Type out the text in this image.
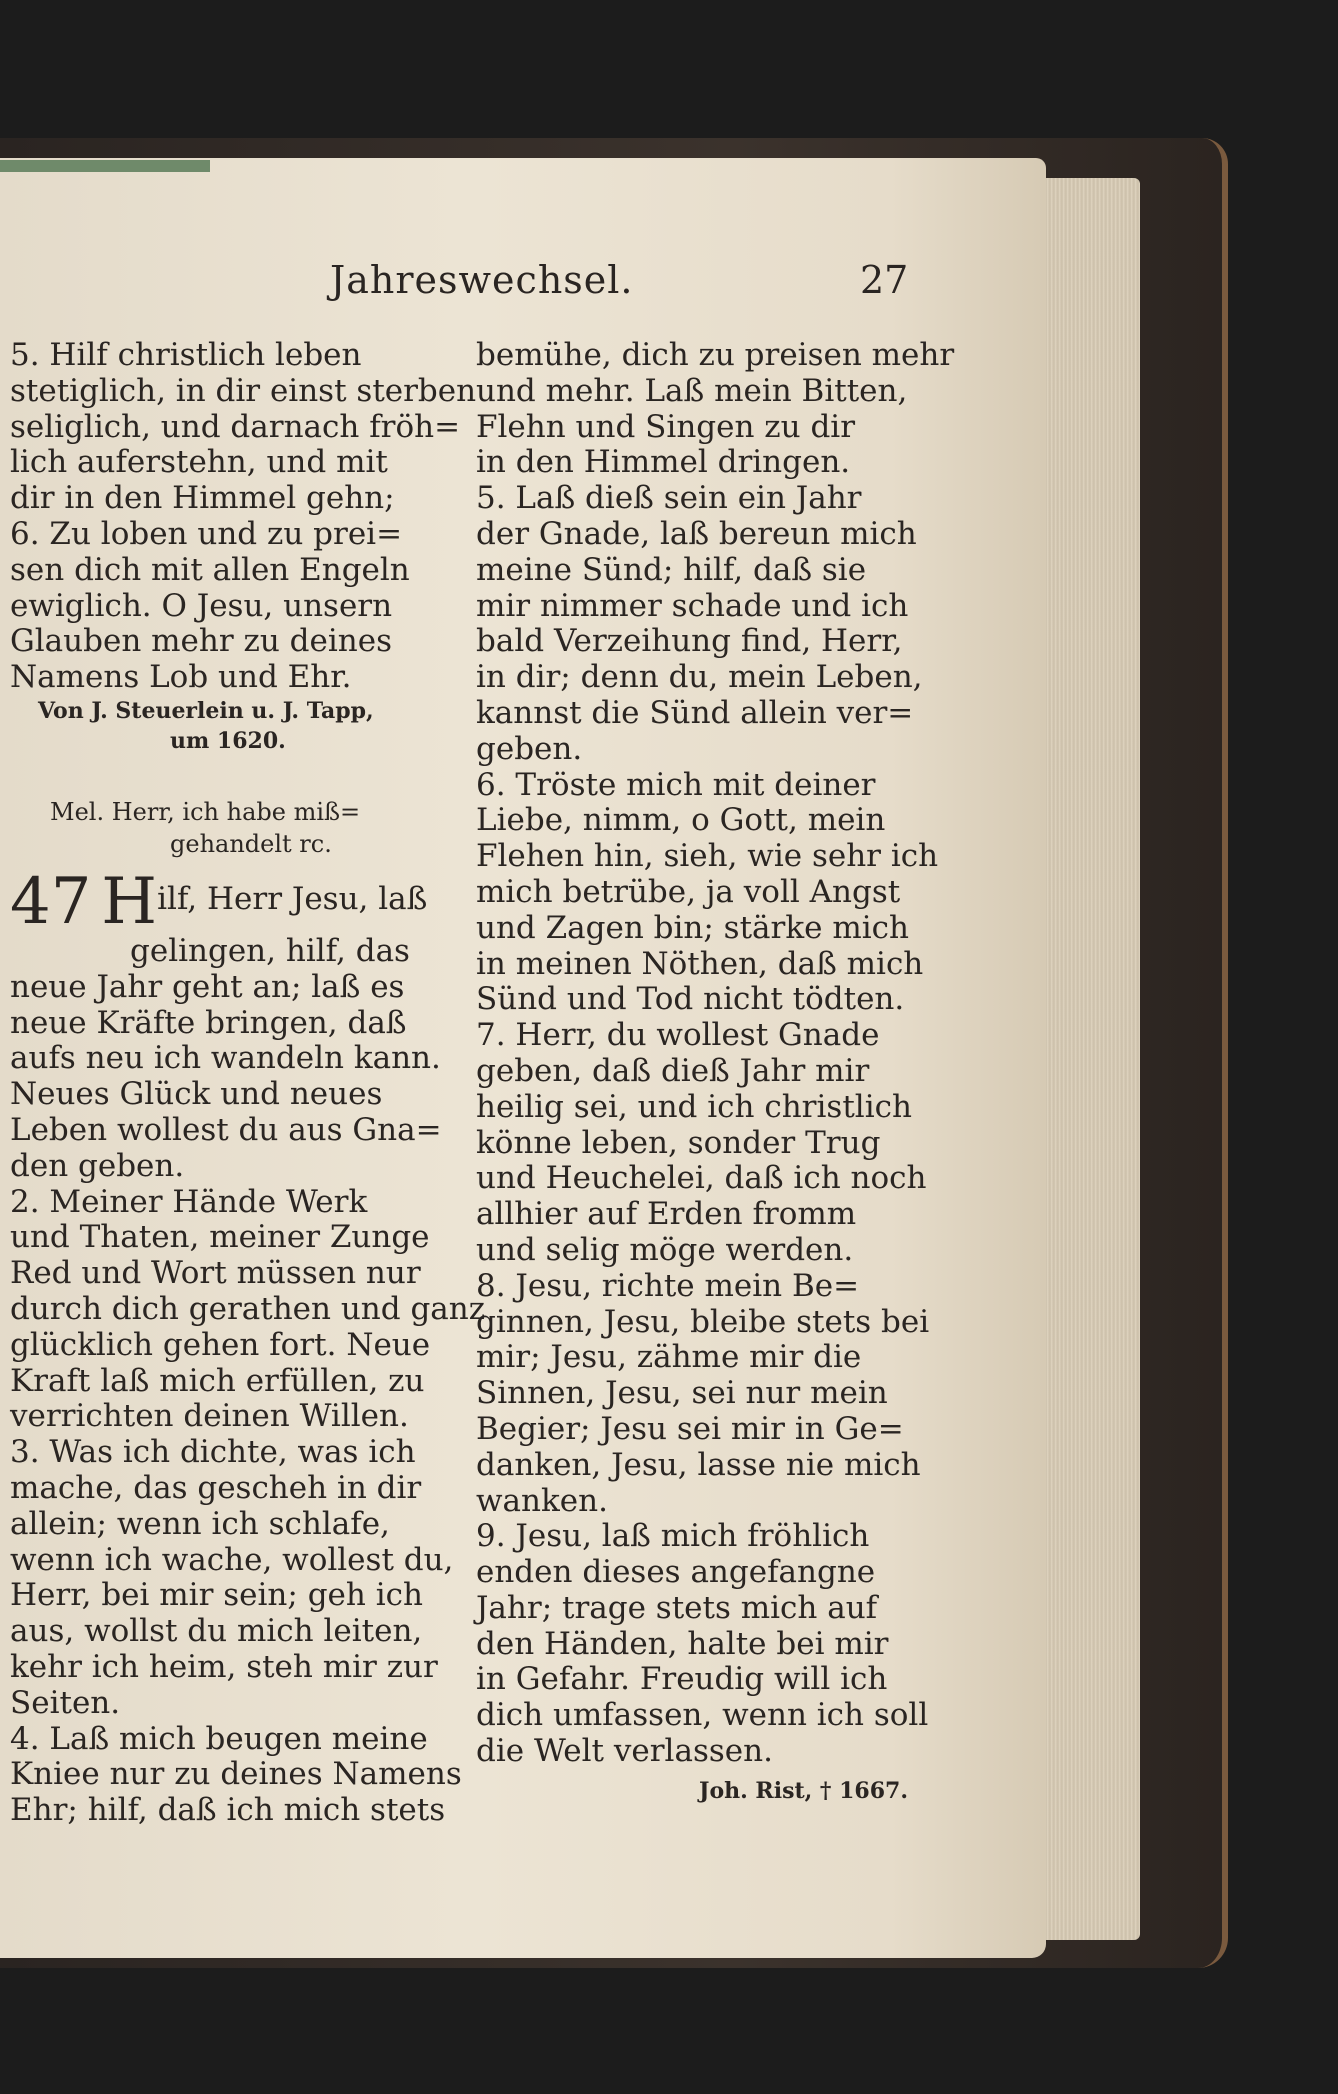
Jahreswechsel.	27
5. Hilf christlich leben
stetiglich, in dir einst sterben
seliglich, und darnach fröh=
lich auferstehn, und mit
dir in den Himmel gehn;
6. Zu loben und zu prei=
sen dich mit allen Engeln
ewiglich. O Jesu, unsern
Glauben mehr zu deines
Namens Lob und Ehr.
Von J. Steuerlein u. J. Tapp,
um 1620.
Mel. Herr, ich habe miß=
gehandelt rc.
47 Hilf, Herr Jesu, laß
gelingen, hilf, das
neue Jahr geht an; laß es
neue Kräfte bringen, daß
aufs neu ich wandeln kann.
Neues Glück und neues
Leben wollest du aus Gna=
den geben.
2. Meiner Hände Werk
und Thaten, meiner Zunge
Red und Wort müssen nur
durch dich gerathen und ganz
glücklich gehen fort. Neue
Kraft laß mich erfüllen, zu
verrichten deinen Willen.
3. Was ich dichte, was ich
mache, das gescheh in dir
allein; wenn ich schlafe,
wenn ich wache, wollest du,
Herr, bei mir sein; geh ich
aus, wollst du mich leiten,
kehr ich heim, steh mir zur
Seiten.
4. Laß mich beugen meine
Kniee nur zu deines Namens
Ehr; hilf, daß ich mich stets
bemühe, dich zu preisen mehr
und mehr. Laß mein Bitten,
Flehn und Singen zu dir
in den Himmel dringen.
5. Laß dieß sein ein Jahr
der Gnade, laß bereun mich
meine Sünd; hilf, daß sie
mir nimmer schade und ich
bald Verzeihung find, Herr,
in dir; denn du, mein Leben,
kannst die Sünd allein ver=
geben.
6. Tröste mich mit deiner
Liebe, nimm, o Gott, mein
Flehen hin, sieh, wie sehr ich
mich betrübe, ja voll Angst
und Zagen bin; stärke mich
in meinen Nöthen, daß mich
Sünd und Tod nicht tödten.
7. Herr, du wollest Gnade
geben, daß dieß Jahr mir
heilig sei, und ich christlich
könne leben, sonder Trug
und Heuchelei, daß ich noch
allhier auf Erden fromm
und selig möge werden.
8. Jesu, richte mein Be=
ginnen, Jesu, bleibe stets bei
mir; Jesu, zähme mir die
Sinnen, Jesu, sei nur mein
Begier; Jesu sei mir in Ge=
danken, Jesu, lasse nie mich
wanken.
9. Jesu, laß mich fröhlich
enden dieses angefangne
Jahr; trage stets mich auf
den Händen, halte bei mir
in Gefahr. Freudig will ich
dich umfassen, wenn ich soll
die Welt verlassen.
Joh. Rist, † 1667.
